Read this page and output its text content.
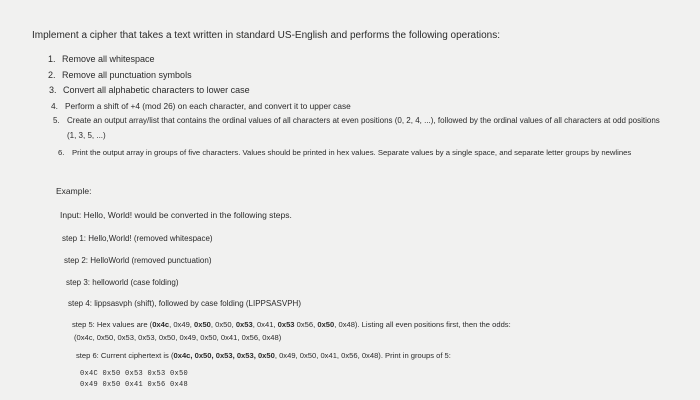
Implement a cipher that takes a text written in standard US-English and performs the following operations:
1. Remove all whitespace
2. Remove all punctuation symbols
3. Convert all alphabetic characters to lower case
4. Perform a shift of +4 (mod 26) on each character, and convert it to upper case
5. Create an output array/list that contains the ordinal values of all characters at even positions (0, 2, 4, ...), followed by the ordinal values of all characters at odd positions (1, 3, 5, ...)
6. Print the output array in groups of five characters. Values should be printed in hex values. Separate values by a single space, and separate letter groups by newlines
Example:
Input: Hello, World! would be converted in the following steps.
step 1: Hello,World! (removed whitespace)
step 2: HelloWorld (removed punctuation)
step 3: helloworld (case folding)
step 4: lippsasvph (shift), followed by case folding (LIPPSASVPH)
step 5: Hex values are (0x4c, 0x49, 0x50, 0x50, 0x53, 0x41, 0x53 0x56, 0x50, 0x48). Listing all even positions first, then the odds:
(0x4c, 0x50, 0x53, 0x53, 0x50, 0x49, 0x50, 0x41, 0x56, 0x48)
step 6: Current ciphertext is (0x4c, 0x50, 0x53, 0x53, 0x50, 0x49, 0x50, 0x41, 0x56, 0x48). Print in groups of 5:
0x4C 0x50 0x53 0x53 0x50
0x49 0x50 0x41 0x56 0x48
